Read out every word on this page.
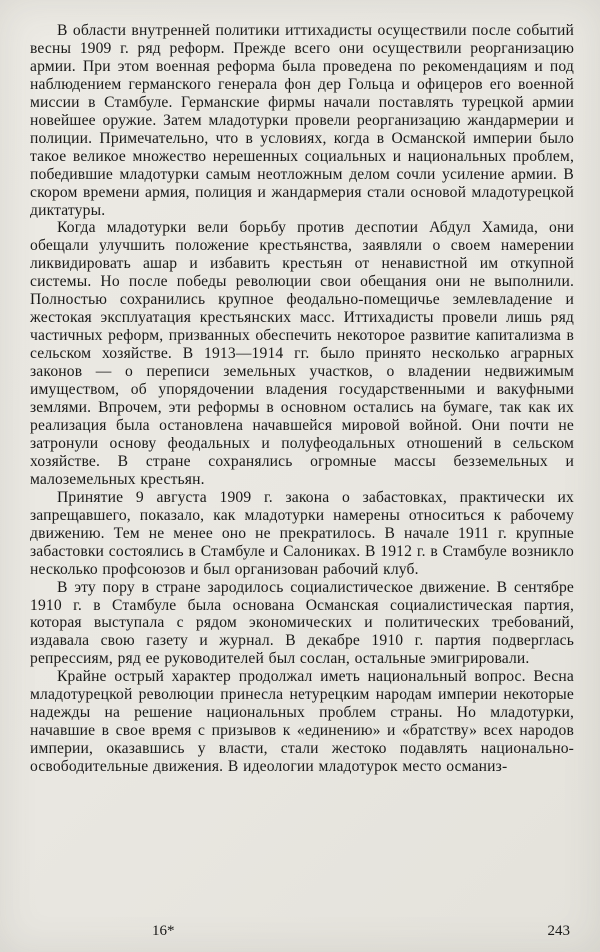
В области внутренней политики иттихадисты осуществили после событий весны 1909 г. ряд реформ. Прежде всего они осуществили реорганизацию армии. При этом военная реформа была проведена по рекомендациям и под наблюдением германского генерала фон дер Гольца и офицеров его военной миссии в Стамбуле. Германские фирмы начали поставлять турецкой армии новейшее оружие. Затем младотурки провели реорганизацию жандармерии и полиции. Примечательно, что в условиях, когда в Османской империи было такое великое множество нерешенных социальных и национальных проблем, победившие младотурки самым неотложным делом сочли усиление армии. В скором времени армия, полиция и жандармерия стали основой младотурецкой диктатуры.

Когда младотурки вели борьбу против деспотии Абдул Хамида, они обещали улучшить положение крестьянства, заявляли о своем намерении ликвидировать ашар и избавить крестьян от ненавистной им откупной системы. Но после победы революции свои обещания они не выполнили. Полностью сохранились крупное феодально-помещичье землевладение и жестокая эксплуатация крестьянских масс. Иттихадисты провели лишь ряд частичных реформ, призванных обеспечить некоторое развитие капитализма в сельском хозяйстве. В 1913—1914 гг. было принято несколько аграрных законов — о переписи земельных участков, о владении недвижимым имуществом, об упорядочении владения государственными и вакуфными землями. Впрочем, эти реформы в основном остались на бумаге, так как их реализация была остановлена начавшейся мировой войной. Они почти не затронули основу феодальных и полуфеодальных отношений в сельском хозяйстве. В стране сохранялись огромные массы безземельных и малоземельных крестьян.

Принятие 9 августа 1909 г. закона о забастовках, практически их запрещавшего, показало, как младотурки намерены относиться к рабочему движению. Тем не менее оно не прекратилось. В начале 1911 г. крупные забастовки состоялись в Стамбуле и Салониках. В 1912 г. в Стамбуле возникло несколько профсоюзов и был организован рабочий клуб.

В эту пору в стране зародилось социалистическое движение. В сентябре 1910 г. в Стамбуле была основана Османская социалистическая партия, которая выступала с рядом экономических и политических требований, издавала свою газету и журнал. В декабре 1910 г. партия подверглась репрессиям, ряд ее руководителей был сослан, остальные эмигрировали.

Крайне острый характер продолжал иметь национальный вопрос. Весна младотурецкой революции принесла нетурецким народам империи некоторые надежды на решение национальных проблем страны. Но младотурки, начавшие в свое время с призывов к «единению» и «братству» всех народов империи, оказавшись у власти, стали жестоко подавлять национально-освободительные движения. В идеологии младотурок место османиз-

16*	243
